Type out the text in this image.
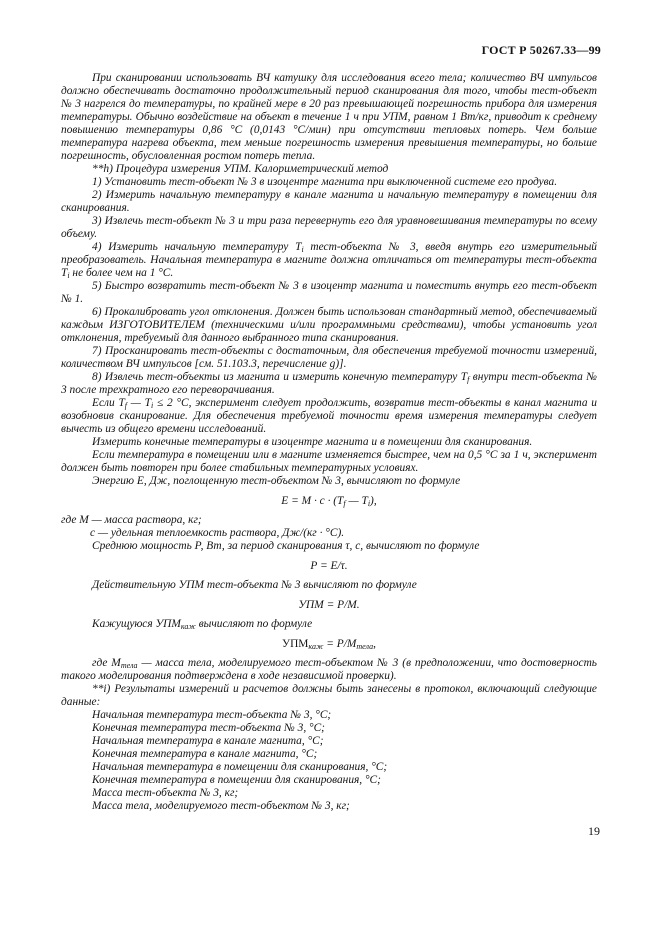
ГОСТ Р 50267.33—99

При сканировании использовать ВЧ катушку для исследования всего тела; количество ВЧ импульсов должно обеспечивать достаточно продолжительный период сканирования для того, чтобы тест-объект № 3 нагрелся до температуры, по крайней мере в 20 раз превышающей погрешность прибора для измерения температуры. Обычно воздействие на объект в течение 1 ч при УПМ, равном 1 Вт/кг, приводит к среднему повышению температуры 0,86 °С (0,0143 °С/мин) при отсутствии тепловых потерь. Чем больше температура нагрева объекта, тем меньше погрешность измерения превышения температуры, но больше погрешность, обусловленная ростом потерь тепла.

**h) Процедура измерения УПМ. Калориметрический метод

1) Установить тест-объект № 3 в изоцентре магнита при выключенной системе его продува.

2) Измерить начальную температуру в канале магнита и начальную температуру в помещении для сканирования.

3) Извлечь тест-объект № 3 и три раза перевернуть его для уравновешивания температуры по всему объему.

4) Измерить начальную температуру $T_i$ тест-объекта № 3, введя внутрь его измерительный преобразователь. Начальная температура в магните должна отличаться от температуры тест-объекта $T_i$ не более чем на 1 °С.

5) Быстро возвратить тест-объект № 3 в изоцентр магнита и поместить внутрь его тест-объект № 1.

6) Прокалибровать угол отклонения. Должен быть использован стандартный метод, обеспечиваемый каждым ИЗГОТОВИТЕЛЕМ (техническими и/или программными средствами), чтобы установить угол отклонения, требуемый для данного выбранного типа сканирования.

7) Просканировать тест-объекты с достаточным, для обеспечения требуемой точности измерений, количеством ВЧ импульсов [см. 51.103.3, перечисление g)].

8) Извлечь тест-объекты из магнита и измерить конечную температуру $T_f$ внутри тест-объекта № 3 после трехкратного его переворачивания.

Если $T_f$ — $T_i \le 2$ °С, эксперимент следует продолжить, возвратив тест-объекты в канал магнита и возобновив сканирование. Для обеспечения требуемой точности время измерения температуры следует вычесть из общего времени исследований.

Измерить конечные температуры в изоцентре магнита и в помещении для сканирования.

Если температура в помещении или в магните изменяется быстрее, чем на 0,5 °С за 1 ч, эксперимент должен быть повторен при более стабильных температурных условиях.

Энергию Е, Дж, поглощенную тест-объектом № 3, вычисляют по формуле

$E = M \cdot c \cdot (T_f$ — $T_i$),

где М — масса раствора, кг;

с — удельная теплоемкость раствора, Дж/(кг · °С).

Среднюю мощность Р, Вт, за период сканирования τ, с, вычисляют по формуле

P = E/τ.

Действительную УПМ тест-объекта № 3 вычисляют по формуле

УПМ = Р/М.

Кажущуюся $УПМ_{каж}$ вычисляют по формуле

$УПМ_{каж} = P/M_{тела}$,

где $М_{тела}$ — масса тела, моделируемого тест-объектом № 3 (в предположении, что достоверность такого моделирования подтверждена в ходе независимой проверки).

**i) Результаты измерений и расчетов должны быть занесены в протокол, включающий следующие данные:

Начальная температура тест-объекта № 3, °С;

Конечная температура тест-объекта № 3, °С;

Начальная температура в канале магнита, °С;

Конечная температура в канале магнита, °С;

Начальная температура в помещении для сканирования, °С;

Конечная температура в помещении для сканирования, °С;

Масса тест-объекта № 3, кг;

Масса тела, моделируемого тест-объектом № 3, кг;

19
